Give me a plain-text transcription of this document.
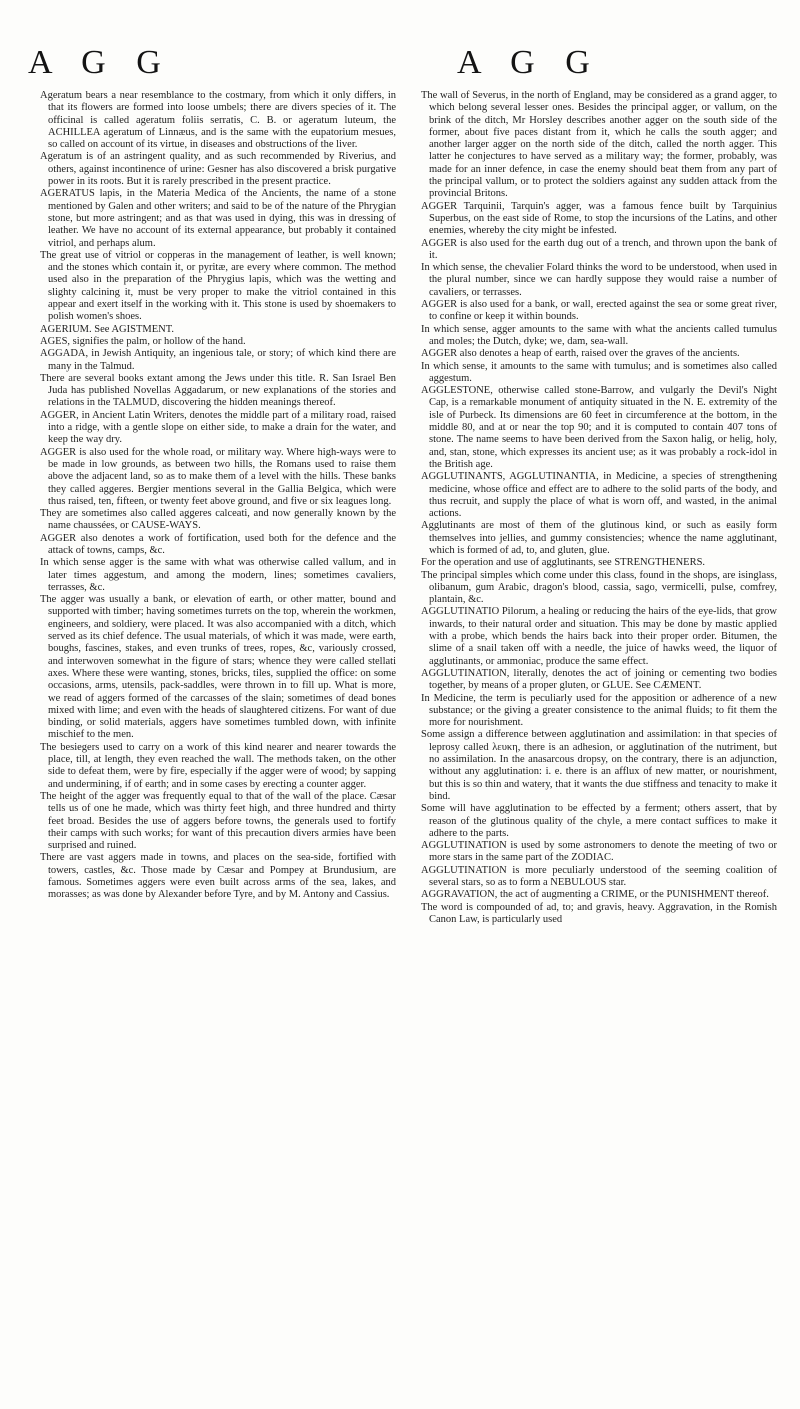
A G G	A G G

Ageratum bears a near resemblance to the costmary, from which it only differs, in that its flowers are formed into loose umbels; there are divers species of it. The officinal is called ageratum foliis serratis, C. B. or ageratum luteum, the ACHILLEA ageratum of Linnæus, and is the same with the eupatorium mesues, so called on account of its virtue, in diseases and obstructions of the liver.

Ageratum is of an astringent quality, and as such recommended by Riverius, and others, against incontinence of urine: Gesner has also discovered a brisk purgative power in its roots. But it is rarely prescribed in the present practice.

AGERATUS lapis, in the Materia Medica of the Ancients, the name of a stone mentioned by Galen and other writers; and said to be of the nature of the Phrygian stone, but more astringent; and as that was used in dying, this was in dressing of leather. We have no account of its external appearance, but probably it contained vitriol, and perhaps alum.

The great use of vitriol or copperas in the management of leather, is well known; and the stones which contain it, or pyritæ, are every where common. The method used also in the preparation of the Phrygius lapis, which was the wetting and slighty calcining it, must be very proper to make the vitriol contained in this appear and exert itself in the working with it. This stone is used by shoemakers to polish women's shoes.

AGERIUM. See AGISTMENT.

AGES, signifies the palm, or hollow of the hand.

AGGADA, in Jewish Antiquity, an ingenious tale, or story; of which kind there are many in the Talmud.

There are several books extant among the Jews under this title. R. San Israel Ben Juda has published Novellas Aggadarum, or new explanations of the stories and relations in the TALMUD, discovering the hidden meanings thereof.

AGGER, in Ancient Latin Writers, denotes the middle part of a military road, raised into a ridge, with a gentle slope on either side, to make a drain for the water, and keep the way dry.

AGGER is also used for the whole road, or military way. Where high-ways were to be made in low grounds, as between two hills, the Romans used to raise them above the adjacent land, so as to make them of a level with the hills. These banks they called aggeres. Bergier mentions several in the Gallia Belgica, which were thus raised, ten, fifteen, or twenty feet above ground, and five or six leagues long.

They are sometimes also called aggeres calceati, and now generally known by the name chaussées, or CAUSE-WAYS.

AGGER also denotes a work of fortification, used both for the defence and the attack of towns, camps, &c.

In which sense agger is the same with what was otherwise called vallum, and in later times aggestum, and among the modern, lines; sometimes cavaliers, terrasses, &c.

The agger was usually a bank, or elevation of earth, or other matter, bound and supported with timber; having sometimes turrets on the top, wherein the workmen, engineers, and soldiery, were placed. It was also accompanied with a ditch, which served as its chief defence. The usual materials, of which it was made, were earth, boughs, fascines, stakes, and even trunks of trees, ropes, &c, variously crossed, and interwoven somewhat in the figure of stars; whence they were called stellati axes. Where these were wanting, stones, bricks, tiles, supplied the office: on some occasions, arms, utensils, pack-saddles, were thrown in to fill up. What is more, we read of aggers formed of the carcasses of the slain; sometimes of dead bones mixed with lime; and even with the heads of slaughtered citizens. For want of due binding, or solid materials, aggers have sometimes tumbled down, with infinite mischief to the men.

The besiegers used to carry on a work of this kind nearer and nearer towards the place, till, at length, they even reached the wall. The methods taken, on the other side to defeat them, were by fire, especially if the agger were of wood; by sapping and undermining, if of earth; and in some cases by erecting a counter agger.

The height of the agger was frequently equal to that of the wall of the place. Cæsar tells us of one he made, which was thirty feet high, and three hundred and thirty feet broad. Besides the use of aggers before towns, the generals used to fortify their camps with such works; for want of this precaution divers armies have been surprised and ruined.

There are vast aggers made in towns, and places on the sea-side, fortified with towers, castles, &c. Those made by Cæsar and Pompey at Brundusium, are famous. Sometimes aggers were even built across arms of the sea, lakes, and morasses; as was done by Alexander before Tyre, and by M. Antony and Cassius.

The wall of Severus, in the north of England, may be considered as a grand agger, to which belong several lesser ones. Besides the principal agger, or vallum, on the brink of the ditch, Mr Horsley describes another agger on the south side of the former, about five paces distant from it, which he calls the south agger; and another larger agger on the north side of the ditch, called the north agger. This latter he conjectures to have served as a military way; the former, probably, was made for an inner defence, in case the enemy should beat them from any part of the principal vallum, or to protect the soldiers against any sudden attack from the provincial Britons.

AGGER Tarquinii, Tarquin's agger, was a famous fence built by Tarquinius Superbus, on the east side of Rome, to stop the incursions of the Latins, and other enemies, whereby the city might be infested.

AGGER is also used for the earth dug out of a trench, and thrown upon the bank of it.

In which sense, the chevalier Folard thinks the word to be understood, when used in the plural number, since we can hardly suppose they would raise a number of cavaliers, or terrasses.

AGGER is also used for a bank, or wall, erected against the sea or some great river, to confine or keep it within bounds.

In which sense, agger amounts to the same with what the ancients called tumulus and moles; the Dutch, dyke; we, dam, sea-wall.

AGGER also denotes a heap of earth, raised over the graves of the ancients.

In which sense, it amounts to the same with tumulus; and is sometimes also called aggestum.

AGGLESTONE, otherwise called stone-Barrow, and vulgarly the Devil's Night Cap, is a remarkable monument of antiquity situated in the N. E. extremity of the isle of Purbeck. Its dimensions are 60 feet in circumference at the bottom, in the middle 80, and at or near the top 90; and it is computed to contain 407 tons of stone. The name seems to have been derived from the Saxon halig, or helig, holy, and, stan, stone, which expresses its ancient use; as it was probably a rock-idol in the British age.

AGGLUTINANTS, AGGLUTINANTIA, in Medicine, a species of strengthening medicine, whose office and effect are to adhere to the solid parts of the body, and thus recruit, and supply the place of what is worn off, and wasted, in the animal actions.

Agglutinants are most of them of the glutinous kind, or such as easily form themselves into jellies, and gummy consistencies; whence the name agglutinant, which is formed of ad, to, and gluten, glue.

For the operation and use of agglutinants, see STRENGTHENERS.

The principal simples which come under this class, found in the shops, are isinglass, olibanum, gum Arabic, dragon's blood, cassia, sago, vermicelli, pulse, comfrey, plantain, &c.

AGGLUTINATIO Pilorum, a healing or reducing the hairs of the eye-lids, that grow inwards, to their natural order and situation. This may be done by mastic applied with a probe, which bends the hairs back into their proper order. Bitumen, the slime of a snail taken off with a needle, the juice of hawks weed, the liquor of agglutinants, or ammoniac, produce the same effect.

AGGLUTINATION, literally, denotes the act of joining or cementing two bodies together, by means of a proper gluten, or GLUE. See CÆMENT.

In Medicine, the term is peculiarly used for the apposition or adherence of a new substance; or the giving a greater consistence to the animal fluids; to fit them the more for nourishment.

Some assign a difference between agglutination and assimilation: in that species of leprosy called λευκη, there is an adhesion, or agglutination of the nutriment, but no assimilation. In the anasarcous dropsy, on the contrary, there is an adjunction, without any agglutination: i. e. there is an afflux of new matter, or nourishment, but this is so thin and watery, that it wants the due stiffness and tenacity to make it bind.

Some will have agglutination to be effected by a ferment; others assert, that by reason of the glutinous quality of the chyle, a mere contact suffices to make it adhere to the parts.

AGGLUTINATION is used by some astronomers to denote the meeting of two or more stars in the same part of the ZODIAC.

AGGLUTINATION is more peculiarly understood of the seeming coalition of several stars, so as to form a NEBULOUS star.

AGGRAVATION, the act of augmenting a CRIME, or the PUNISHMENT thereof.

The word is compounded of ad, to; and gravis, heavy. Aggravation, in the Romish Canon Law, is particularly used
